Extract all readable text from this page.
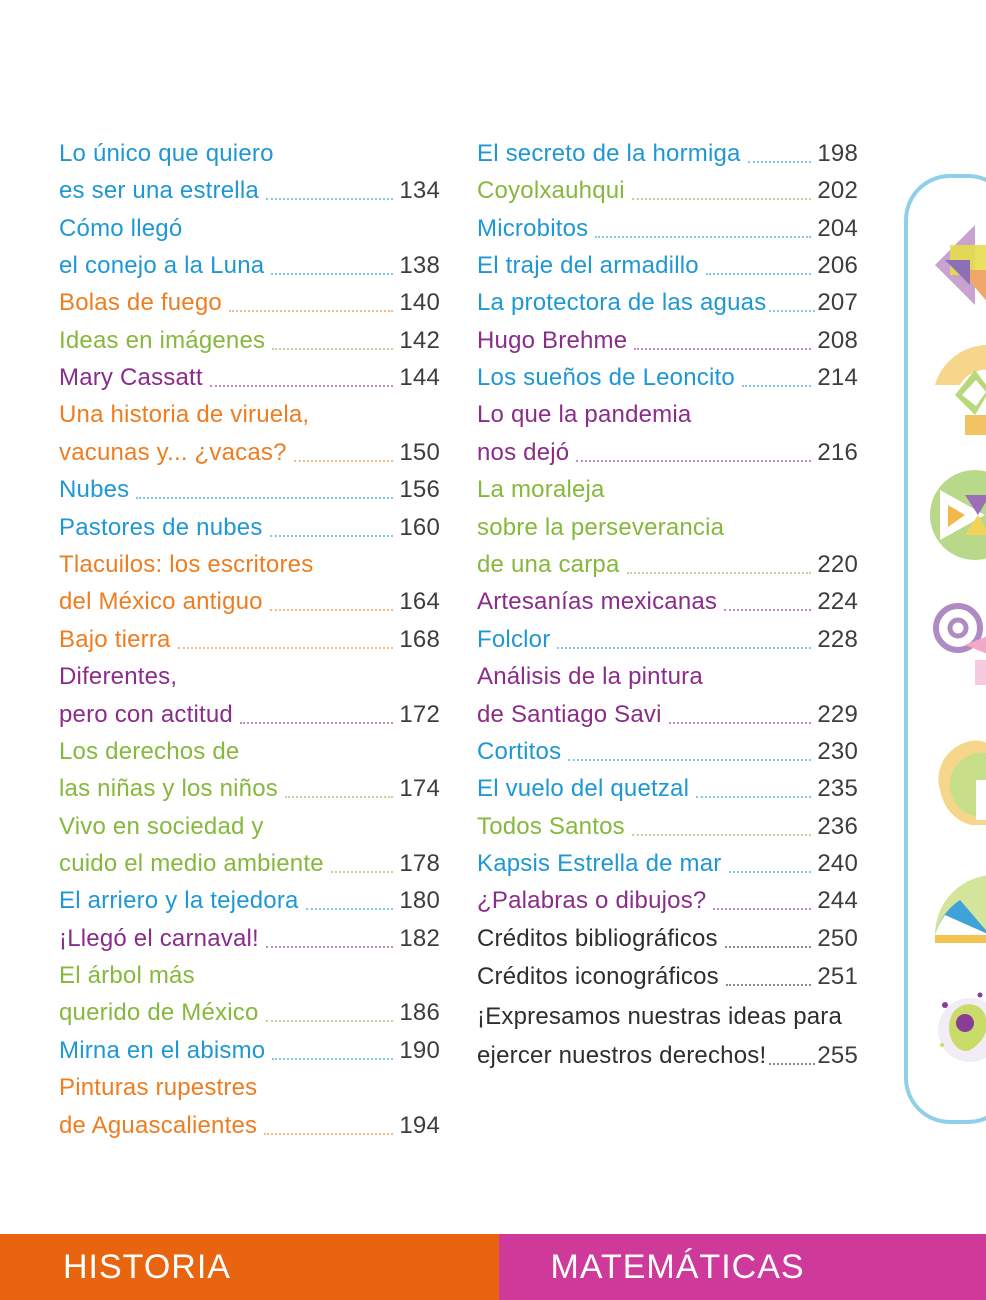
Lo único que quiero
es ser una estrella	134
Cómo llegó
el conejo a la Luna	138
Bolas de fuego	140
Ideas en imágenes	142
Mary Cassatt	144
Una historia de viruela,
vacunas y... ¿vacas?	150
Nubes	156
Pastores de nubes	160
Tlacuilos: los escritores
del México antiguo	164
Bajo tierra	168
Diferentes,
pero con actitud	172
Los derechos de
las niñas y los niños	174
Vivo en sociedad y
cuido el medio ambiente	178
El arriero y la tejedora	180
¡Llegó el carnaval!	182
El árbol más
querido de México	186
Mirna en el abismo	190
Pinturas rupestres
de Aguascalientes	194
El secreto de la hormiga	198
Coyolxauhqui	202
Microbitos	204
El traje del armadillo	206
La protectora de las aguas 207
Hugo Brehme	208
Los sueños de Leoncito	214
Lo que la pandemia
nos dejó	216
La moraleja
sobre la perseverancia
de una carpa	220
Artesanías mexicanas	224
Folclor	228
Análisis de la pintura
de Santiago Savi	229
Cortitos	230
El vuelo del quetzal	235
Todos Santos	236
Kapsis Estrella de mar	240
¿Palabras o dibujos?	244
Créditos bibliográficos	250
Créditos iconográficos	251
¡Expresamos nuestras ideas para
ejercer nuestros derechos! 255
HISTORIA	MATEMÁTICAS
